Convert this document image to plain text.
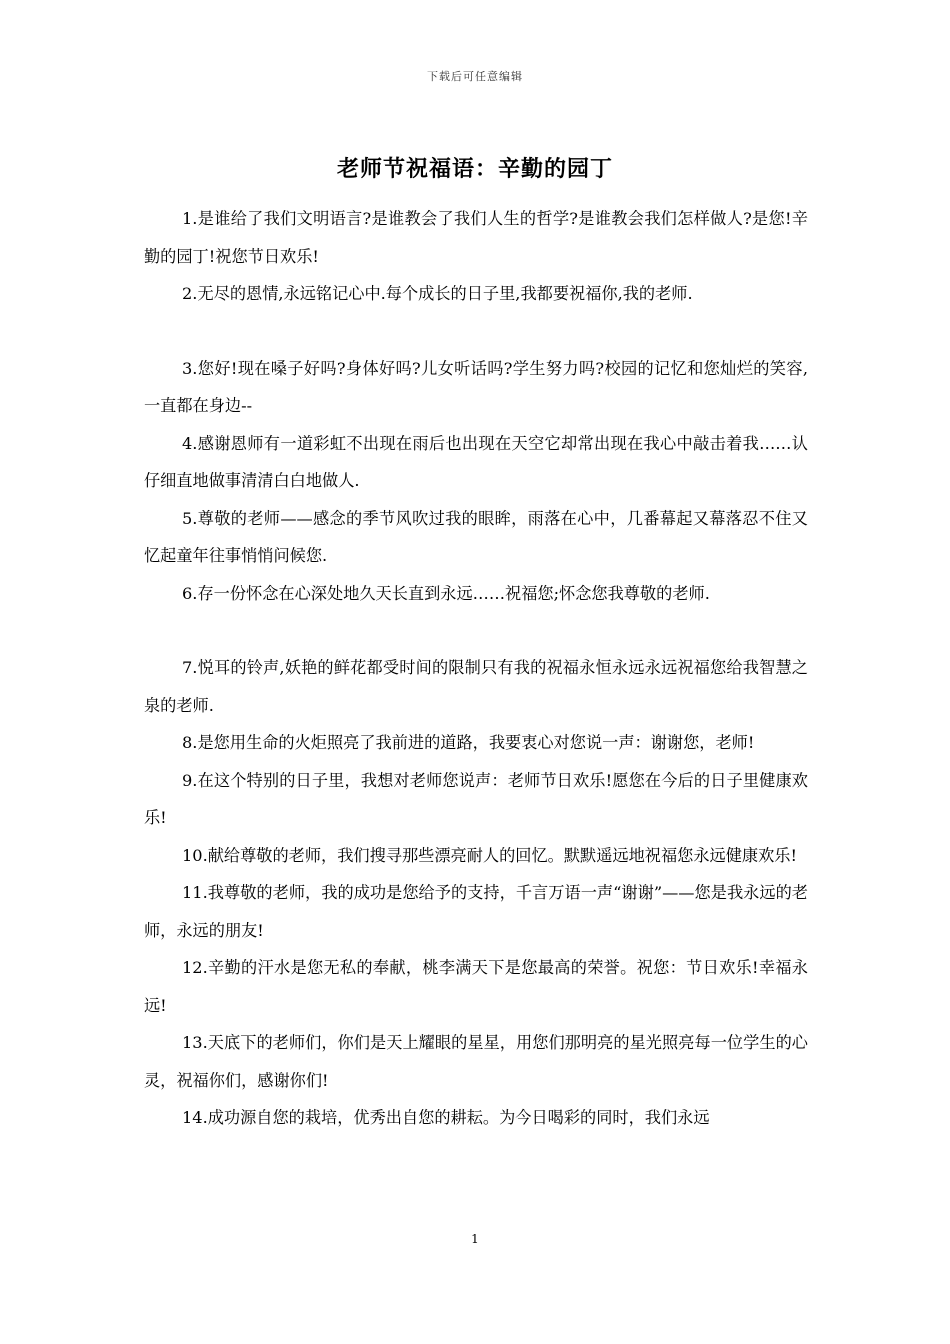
下载后可任意编辑
老师节祝福语：辛勤的园丁

1.是谁给了我们文明语言?是谁教会了我们人生的哲学?是谁教会我们怎样做人?是您!辛勤的园丁!祝您节日欢乐!

2.无尽的恩情,永远铭记心中.每个成长的日子里,我都要祝福你,我的老师.

3.您好!现在嗓子好吗?身体好吗?儿女听话吗?学生努力吗?校园的记忆和您灿烂的笑容,一直都在身边--

4.感谢恩师有一道彩虹不出现在雨后也出现在天空它却常出现在我心中敲击着我……认仔细直地做事清清白白地做人.

5.尊敬的老师——感念的季节风吹过我的眼眸，雨落在心中，几番幕起又幕落忍不住又忆起童年往事悄悄问候您.

6.存一份怀念在心深处地久天长直到永远……祝福您;怀念您我尊敬的老师.

7.悦耳的铃声,妖艳的鲜花都受时间的限制只有我的祝福永恒永远永远祝福您给我智慧之泉的老师.

8.是您用生命的火炬照亮了我前进的道路，我要衷心对您说一声：谢谢您，老师!

9.在这个特别的日子里，我想对老师您说声：老师节日欢乐!愿您在今后的日子里健康欢乐!

10.献给尊敬的老师，我们搜寻那些漂亮耐人的回忆。默默遥远地祝福您永远健康欢乐!

11.我尊敬的老师，我的成功是您给予的支持，千言万语一声“谢谢”——您是我永远的老师，永远的朋友!

12.辛勤的汗水是您无私的奉献，桃李满天下是您最高的荣誉。祝您：节日欢乐!幸福永远!

13.天底下的老师们，你们是天上耀眼的星星，用您们那明亮的星光照亮每一位学生的心灵，祝福你们，感谢你们!

14.成功源自您的栽培，优秀出自您的耕耘。为今日喝彩的同时，我们永远

1
